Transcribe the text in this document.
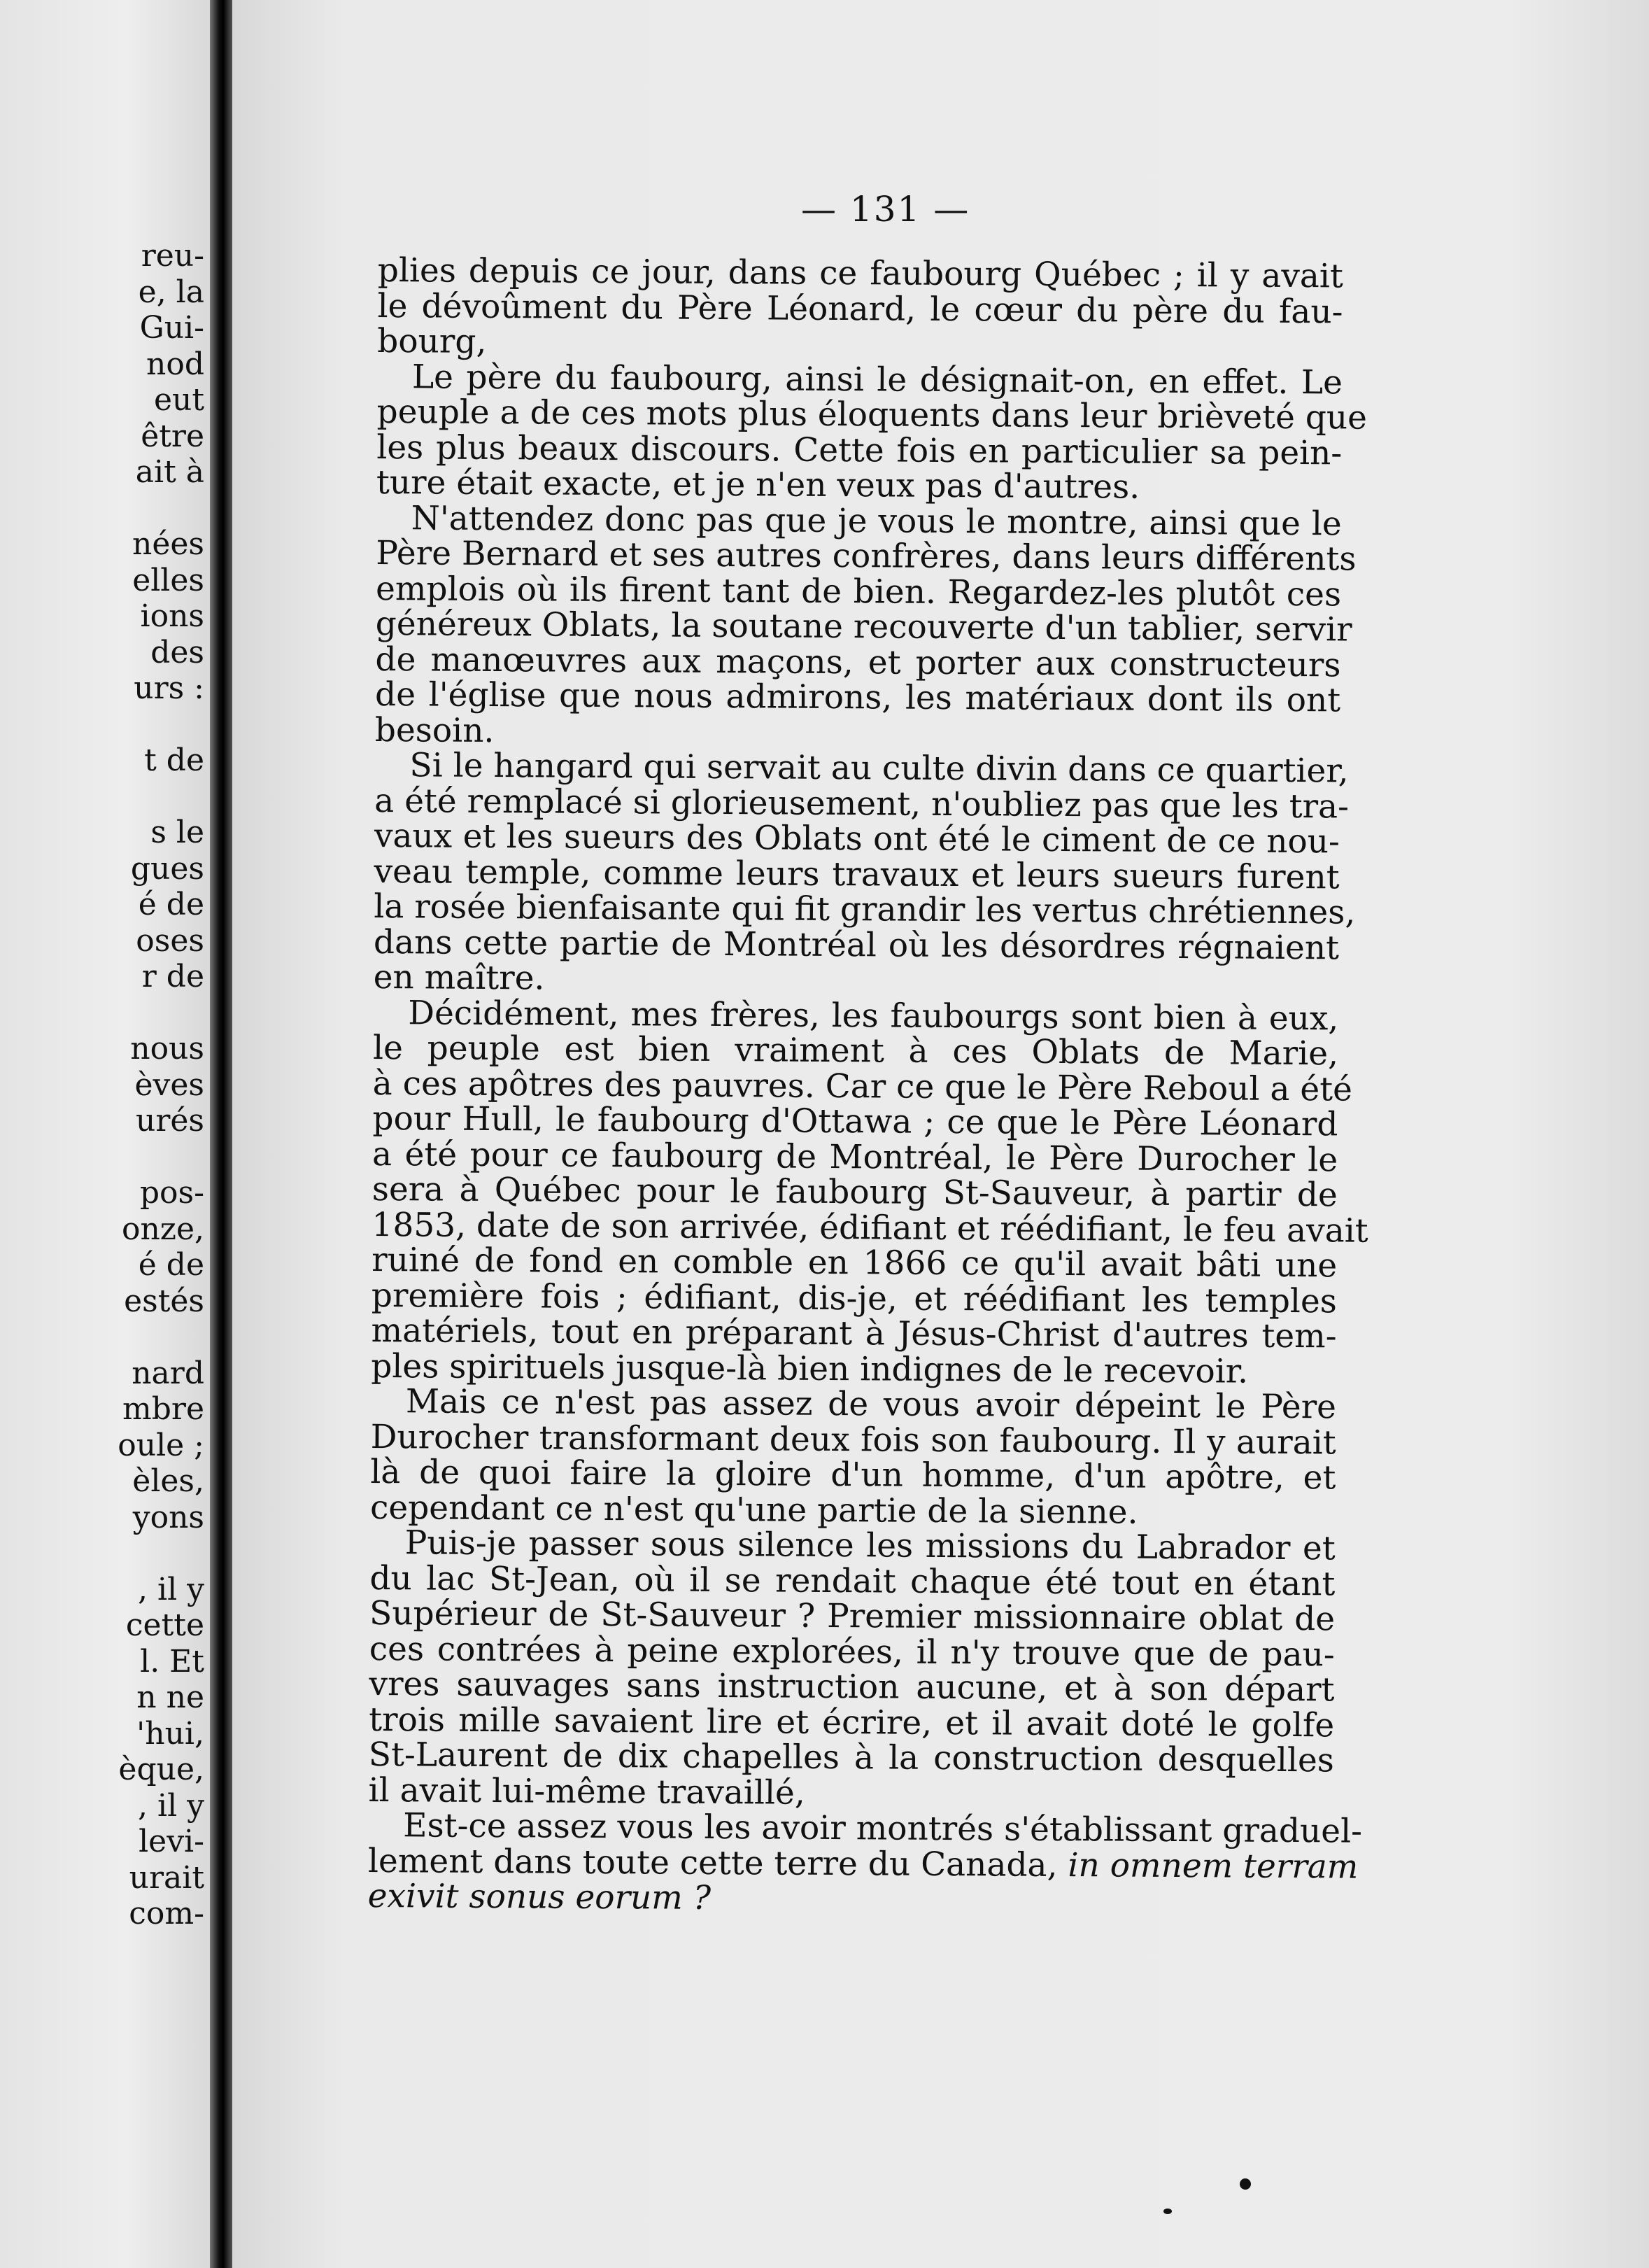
reu-
e, la
Gui-
nod
eut
être
ait à

nées
elles
ions
des
urs :

t de

s le
gues
é de
oses
r de

nous
èves
urés

pos-
onze,
é de
estés

nard
mbre
oule ;
èles,
yons

, il y
cette
l. Et
n ne
'hui,
èque,
, il y
levi-
urait
com-
— 131 —

plies depuis ce jour, dans ce faubourg Québec ; il y avait
le dévoûment du Père Léonard, le cœur du père du fau-
bourg,

Le père du faubourg, ainsi le désignait-on, en effet. Le
peuple a de ces mots plus éloquents dans leur brièveté que
les plus beaux discours. Cette fois en particulier sa pein-
ture était exacte, et je n'en veux pas d'autres.

N'attendez donc pas que je vous le montre, ainsi que le
Père Bernard et ses autres confrères, dans leurs différents
emplois où ils firent tant de bien. Regardez-les plutôt ces
généreux Oblats, la soutane recouverte d'un tablier, servir
de manœuvres aux maçons, et porter aux constructeurs
de l'église que nous admirons, les matériaux dont ils ont
besoin.

Si le hangard qui servait au culte divin dans ce quartier,
a été remplacé si glorieusement, n'oubliez pas que les tra-
vaux et les sueurs des Oblats ont été le ciment de ce nou-
veau temple, comme leurs travaux et leurs sueurs furent
la rosée bienfaisante qui fit grandir les vertus chrétiennes,
dans cette partie de Montréal où les désordres régnaient
en maître.

Décidément, mes frères, les faubourgs sont bien à eux,
le peuple est bien vraiment à ces Oblats de Marie,
à ces apôtres des pauvres. Car ce que le Père Reboul a été
pour Hull, le faubourg d'Ottawa ; ce que le Père Léonard
a été pour ce faubourg de Montréal, le Père Durocher le
sera à Québec pour le faubourg St-Sauveur, à partir de
1853, date de son arrivée, édifiant et réédifiant, le feu avait
ruiné de fond en comble en 1866 ce qu'il avait bâti une
première fois ; édifiant, dis-je, et réédifiant les temples
matériels, tout en préparant à Jésus-Christ d'autres tem-
ples spirituels jusque-là bien indignes de le recevoir.

Mais ce n'est pas assez de vous avoir dépeint le Père
Durocher transformant deux fois son faubourg. Il y aurait
là de quoi faire la gloire d'un homme, d'un apôtre, et
cependant ce n'est qu'une partie de la sienne.

Puis-je passer sous silence les missions du Labrador et
du lac St-Jean, où il se rendait chaque été tout en étant
Supérieur de St-Sauveur ? Premier missionnaire oblat de
ces contrées à peine explorées, il n'y trouve que de pau-
vres sauvages sans instruction aucune, et à son départ
trois mille savaient lire et écrire, et il avait doté le golfe
St-Laurent de dix chapelles à la construction desquelles
il avait lui-même travaillé,

Est-ce assez vous les avoir montrés s'établissant graduel-
lement dans toute cette terre du Canada, in omnem terram
exivit sonus eorum ?
